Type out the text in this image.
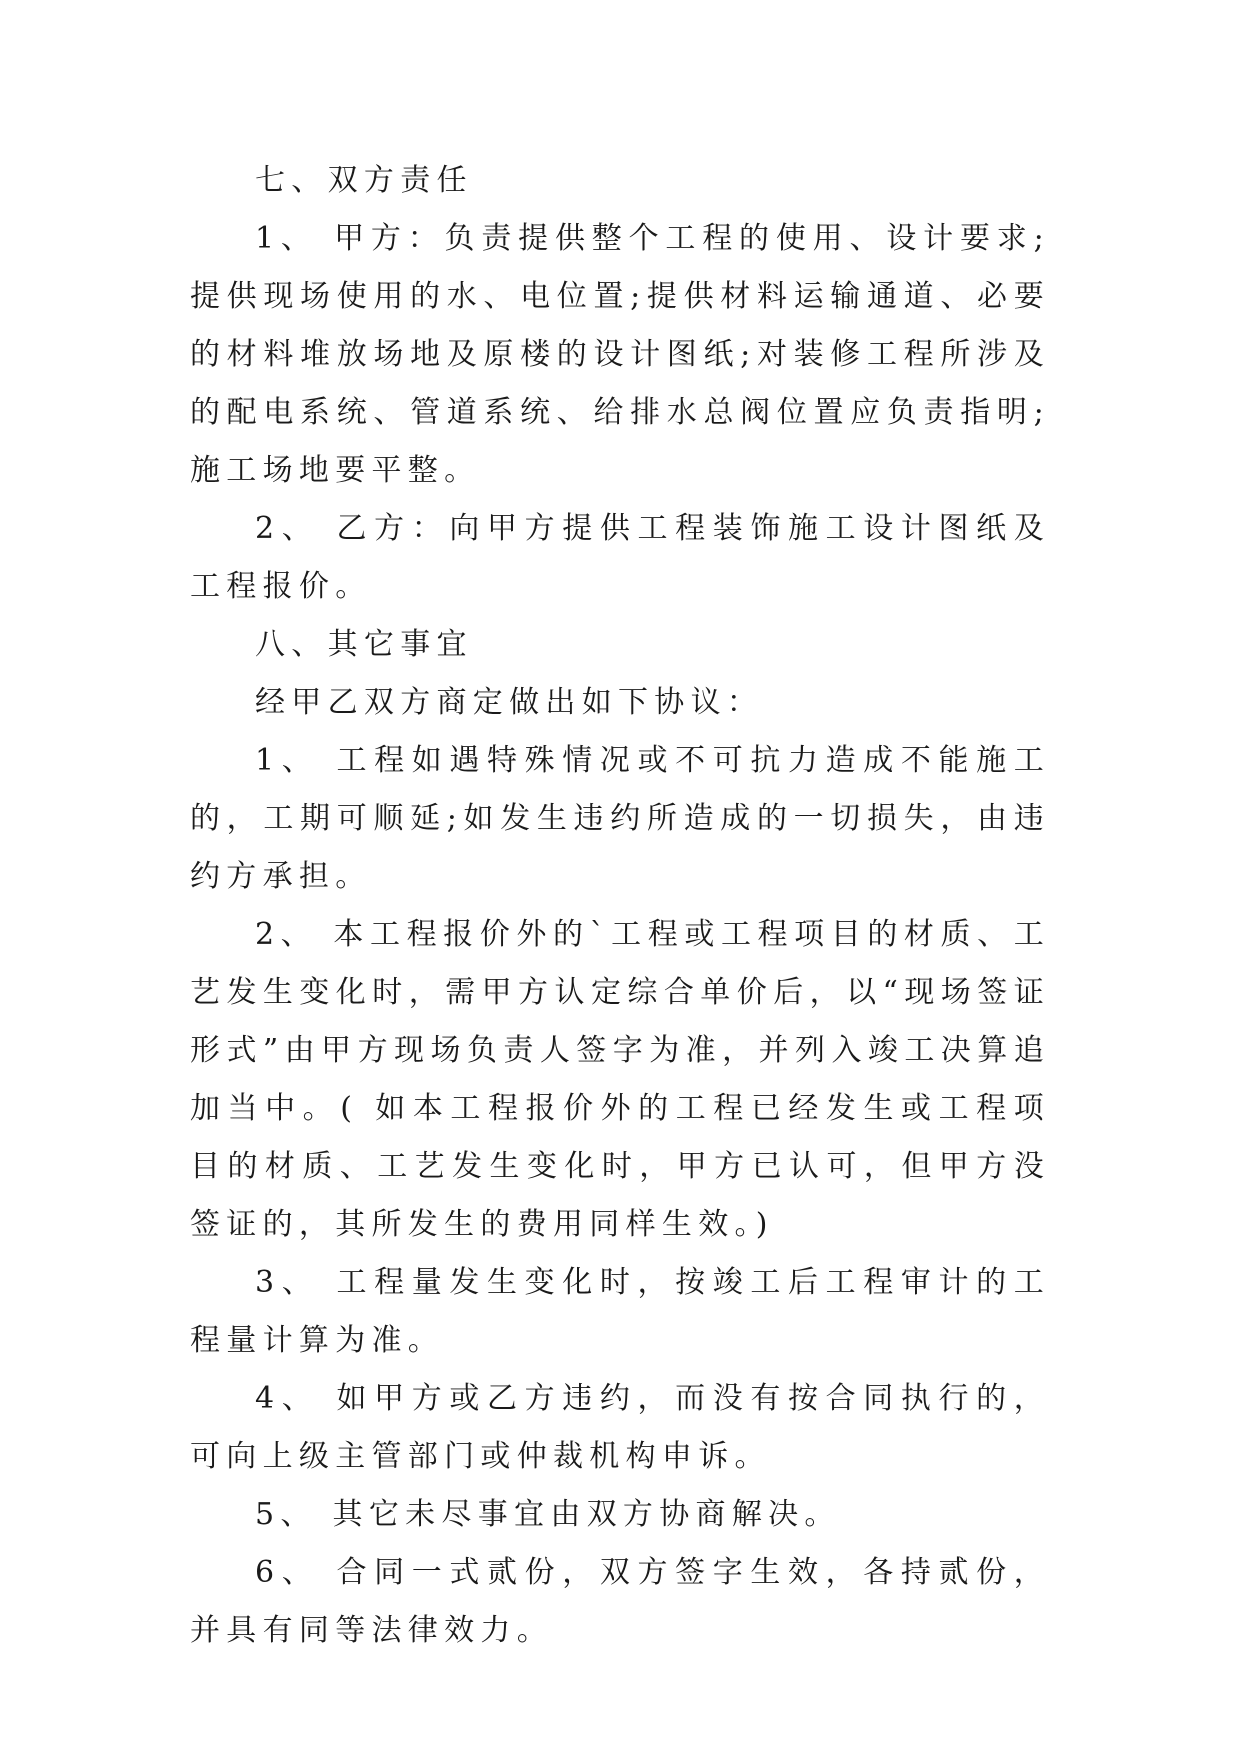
七、双方责任

1、 甲方：负责提供整个工程的使用、设计要求;提供现场使用的水、电位置;提供材料运输通道、必要的材料堆放场地及原楼的设计图纸;对装修工程所涉及的配电系统、管道系统、给排水总阀位置应负责指明;施工场地要平整。

2、 乙方：向甲方提供工程装饰施工设计图纸及工程报价。

八、其它事宜

经甲乙双方商定做出如下协议：

1、 工程如遇特殊情况或不可抗力造成不能施工的，工期可顺延;如发生违约所造成的一切损失，由违约方承担。

2、 本工程报价外的`工程或工程项目的材质、工艺发生变化时，需甲方认定综合单价后，以“现场签证形式”由甲方现场负责人签字为准，并列入竣工决算追加当中。( 如本工程报价外的工程已经发生或工程项目的材质、工艺发生变化时，甲方已认可，但甲方没签证的，其所发生的费用同样生效。)

3、 工程量发生变化时，按竣工后工程审计的工程量计算为准。

4、 如甲方或乙方违约，而没有按合同执行的，可向上级主管部门或仲裁机构申诉。

5、 其它未尽事宜由双方协商解决。

6、 合同一式贰份，双方签字生效，各持贰份，并具有同等法律效力。
